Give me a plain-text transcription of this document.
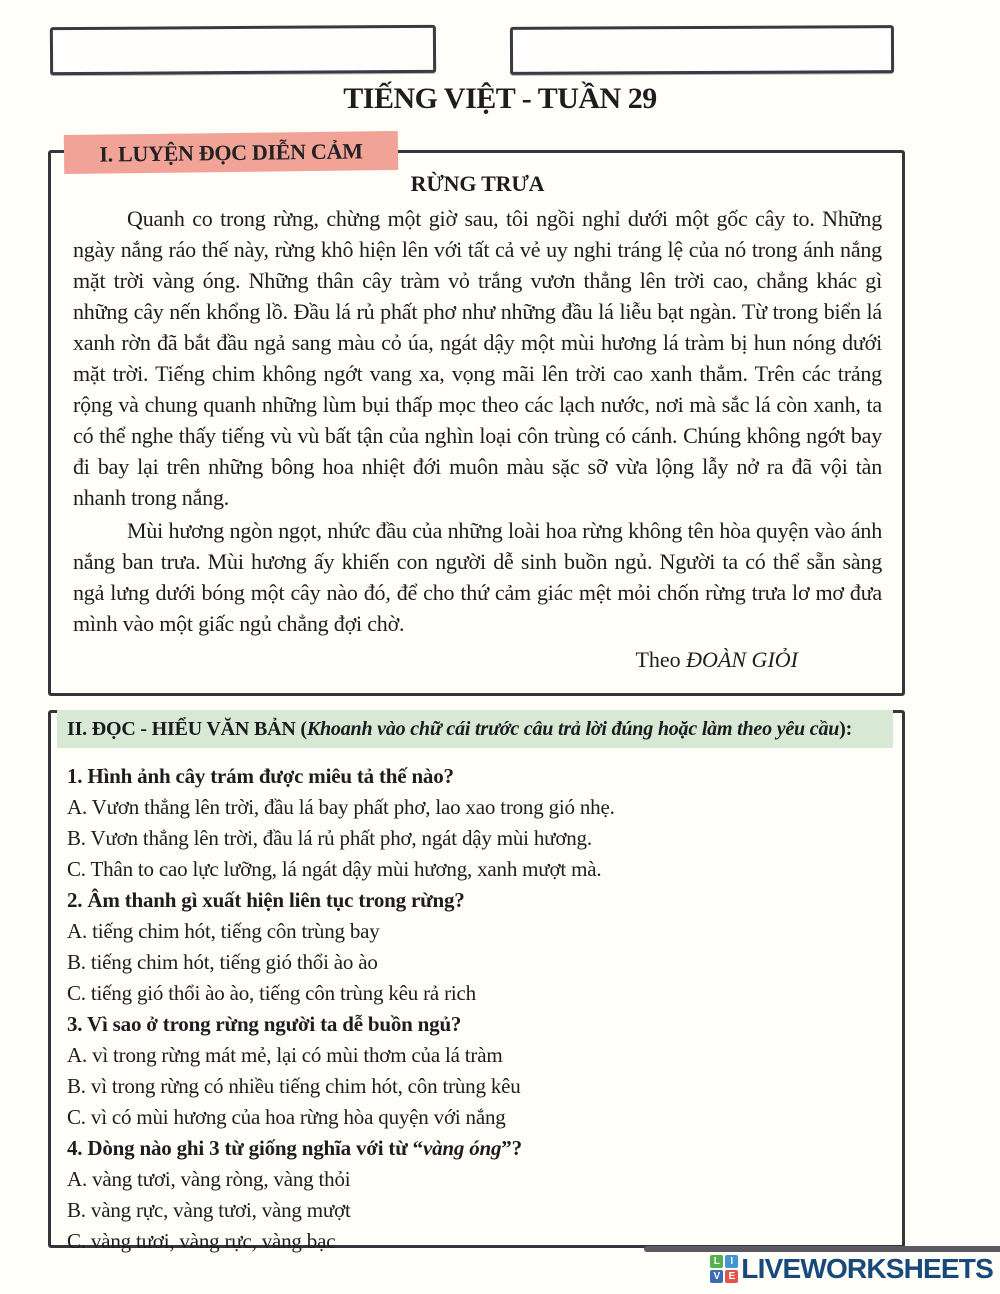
TIẾNG VIỆT - TUẦN 29
I. LUYỆN ĐỌC DIỄN CẢM
RỪNG TRƯA

Quanh co trong rừng, chừng một giờ sau, tôi ngồi nghỉ dưới một gốc cây to. Những ngày nắng ráo thế này, rừng khô hiện lên với tất cả vẻ uy nghi tráng lệ của nó trong ánh nắng mặt trời vàng óng. Những thân cây tràm vỏ trắng vươn thẳng lên trời cao, chẳng khác gì những cây nến khổng lồ. Đầu lá rủ phất phơ như những đầu lá liễu bạt ngàn. Từ trong biển lá xanh rờn đã bắt đầu ngả sang màu cỏ úa, ngát dậy một mùi hương lá tràm bị hun nóng dưới mặt trời. Tiếng chim không ngớt vang xa, vọng mãi lên trời cao xanh thẳm. Trên các trảng rộng và chung quanh những lùm bụi thấp mọc theo các lạch nước, nơi mà sắc lá còn xanh, ta có thể nghe thấy tiếng vù vù bất tận của nghìn loại côn trùng có cánh. Chúng không ngớt bay đi bay lại trên những bông hoa nhiệt đới muôn màu sặc sỡ vừa lộng lẫy nở ra đã vội tàn nhanh trong nắng.

Mùi hương ngòn ngọt, nhức đầu của những loài hoa rừng không tên hòa quyện vào ánh nắng ban trưa. Mùi hương ấy khiến con người dễ sinh buồn ngủ. Người ta có thể sẵn sàng ngả lưng dưới bóng một cây nào đó, để cho thứ cảm giác mệt mỏi chốn rừng trưa lơ mơ đưa mình vào một giấc ngủ chẳng đợi chờ.

Theo ĐOÀN GIỎI
II. ĐỌC - HIỂU VĂN BẢN ( Khoanh vào chữ cái trước câu trả lời đúng hoặc làm theo yêu cầu ):
1. Hình ảnh cây trám được miêu tả thế nào?
A. Vươn thẳng lên trời, đầu lá bay phất phơ, lao xao trong gió nhẹ.
B. Vươn thẳng lên trời, đầu lá rủ phất phơ, ngát dậy mùi hương.
C. Thân to cao lực lưỡng, lá ngát dậy mùi hương, xanh mượt mà.
2. Âm thanh gì xuất hiện liên tục trong rừng?
A. tiếng chim hót, tiếng côn trùng bay
B. tiếng chim hót, tiếng gió thổi ào ào
C. tiếng gió thổi ào ào, tiếng côn trùng kêu rả rich
3. Vì sao ở trong rừng người ta dễ buồn ngủ?
A. vì trong rừng mát mẻ, lại có mùi thơm của lá tràm
B. vì trong rừng có nhiều tiếng chim hót, côn trùng kêu
C. vì có mùi hương của hoa rừng hòa quyện với nắng
4. Dòng nào ghi 3 từ giống nghĩa với từ “vàng óng”?
A. vàng tươi, vàng ròng, vàng thỏi
B. vàng rực, vàng tươi, vàng mượt
C. vàng tươi, vàng rực, vàng bạc
L	I
V E LIVEWORKSHEETS
